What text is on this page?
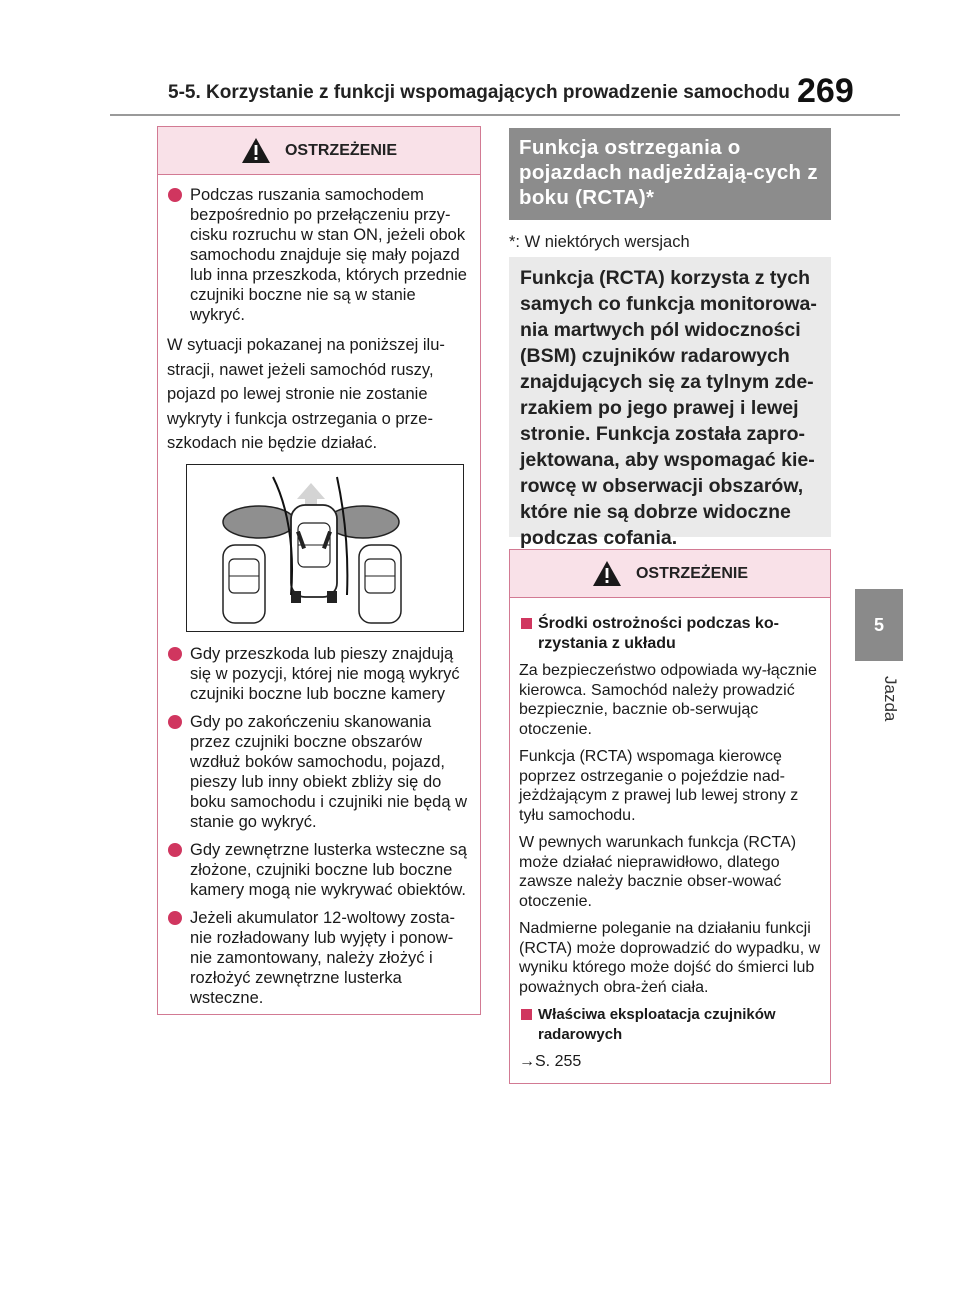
5-5. Korzystanie z funkcji wspomagających prowadzenie samochodu 269
5
Jazda
OSTRZEŻENIE
Podczas ruszania samochodem bezpośrednio po przełączeniu przy-cisku rozruchu w stan ON, jeżeli obok samochodu znajduje się mały pojazd lub inna przeszkoda, których przednie czujniki boczne nie są w stanie wykryć.
W sytuacji pokazanej na poniższej ilu-stracji, nawet jeżeli samochód ruszy, pojazd po lewej stronie nie zostanie wykryty i funkcja ostrzegania o prze-szkodach nie będzie działać.
Gdy przeszkoda lub pieszy znajdują się w pozycji, której nie mogą wykryć czujniki boczne lub boczne kamery
Gdy po zakończeniu skanowania przez czujniki boczne obszarów wzdłuż boków samochodu, pojazd, pieszy lub inny obiekt zbliży się do boku samochodu i czujniki nie będą w stanie go wykryć.
Gdy zewnętrzne lusterka wsteczne są złożone, czujniki boczne lub boczne kamery mogą nie wykrywać obiektów.
Jeżeli akumulator 12-woltowy zosta-nie rozładowany lub wyjęty i ponow-nie zamontowany, należy złożyć i rozłożyć zewnętrzne lusterka wsteczne.
Funkcja ostrzegania o pojazdach nadjeżdżają-cych z boku (RCTA)*
*: W niektórych wersjach
Funkcja (RCTA) korzysta z tych samych co funkcja monitorowa-nia martwych pól widoczności (BSM) czujników radarowych znajdujących się za tylnym zde-rzakiem po jego prawej i lewej stronie. Funkcja została zapro-jektowana, aby wspomagać kie-rowcę w obserwacji obszarów, które nie są dobrze widoczne podczas cofania.
OSTRZEŻENIE
Środki ostrożności podczas ko-rzystania z układu
Za bezpieczeństwo odpowiada wy-łącznie kierowca. Samochód należy prowadzić bezpiecznie, bacznie ob-serwując otoczenie.
Funkcja (RCTA) wspomaga kierowcę poprzez ostrzeganie o pojeździe nad-jeżdżającym z prawej lub lewej strony z tyłu samochodu.
W pewnych warunkach funkcja (RCTA) może działać nieprawidłowo, dlatego zawsze należy bacznie obser-wować otoczenie.
Nadmierne poleganie na działaniu funkcji (RCTA) może doprowadzić do wypadku, w wyniku którego może dojść do śmierci lub poważnych obra-żeń ciała.
Właściwa eksploatacja czujników radarowych
→S. 255
